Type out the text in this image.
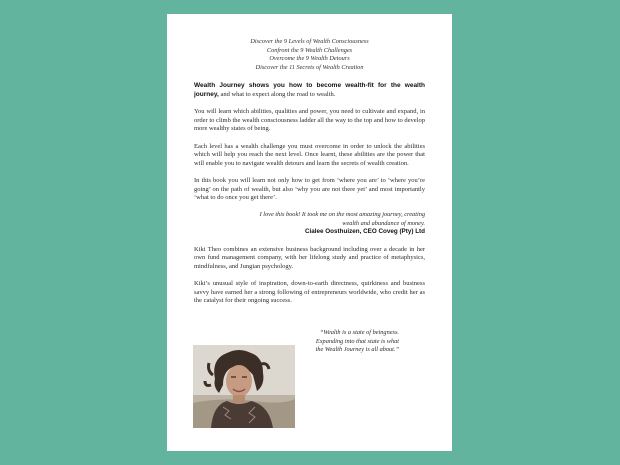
Discover the 9 Levels of Wealth Consciousness
Confront the 9 Wealth Challenges
Overcome the 9 Wealth Detours
Discover the 11 Secrets of Wealth Creation

Wealth Journey shows you how to become wealth-fit for the wealth journey, and what to expect along the road to wealth.

You will learn which abilities, qualities and power, you need to cultivate and expand, in order to climb the wealth consciousness ladder all the way to the top and how to develop more wealthy states of being.

Each level has a wealth challenge you must overcome in order to unlock the abilities which will help you reach the next level. Once learnt, these abilities are the power that will enable you to navigate wealth detours and learn the secrets of wealth creation.

In this book you will learn not only how to get from ‘where you are’ to ‘where you’re going’ on the path of wealth, but also ‘why you are not there yet’ and most importantly ‘what to do once you get there’.

I love this book! It took me on the most amazing journey, creating
wealth and abundance of money.
Cialee Oosthuizen, CEO Coveg (Pty) Ltd

Kiki Theo combines an extensive business background including over a decade in her own fund management company, with her lifelong study and practice of metaphysics, mindfulness, and Jungian psychology.

Kiki’s unusual style of inspiration, down-to-earth directness, quirkiness and business savvy have earned her a strong following of entrepreneurs worldwide, who credit her as the catalyst for their ongoing success.

“Wealth is a state of beingness.
Expanding into that state is what
the Wealth Journey is all about.”
